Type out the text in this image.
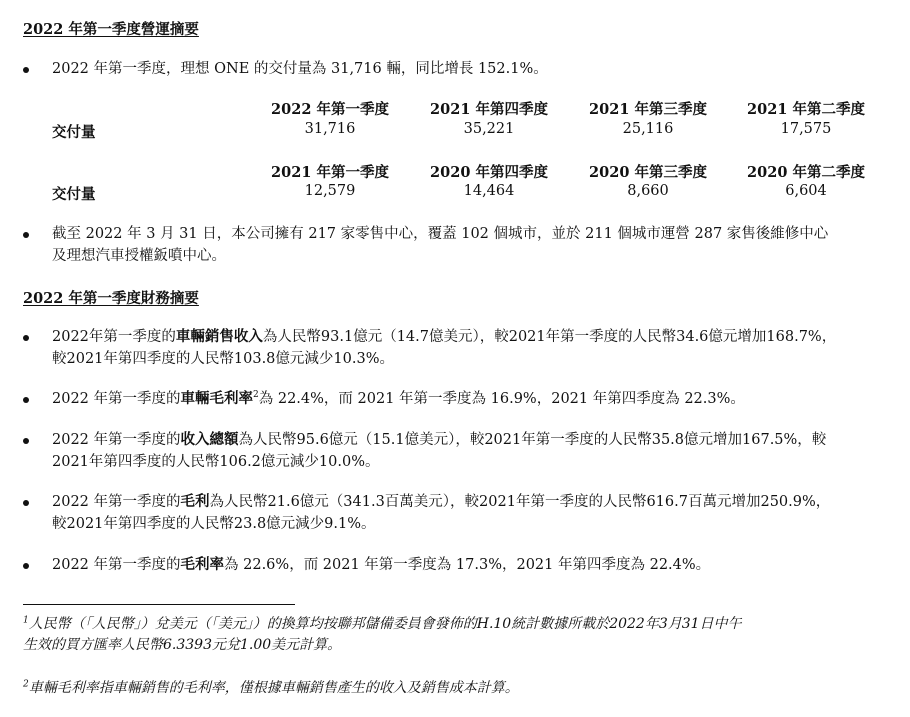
2022 年第一季度營運摘要
2022 年第一季度，理想 ONE 的交付量為 31,716 輛，同比增長 152.1%。
2022 年第一季度	2021 年第四季度	2021 年第三季度	2021 年第二季度
交付量	31,716	35,221	25,116	17,575
2021 年第一季度	2020 年第四季度	2020 年第三季度	2020 年第二季度
交付量	12,579	14,464	8,660	6,604
截至 2022 年 3 月 31 日，本公司擁有 217 家零售中心，覆蓋 102 個城市，並於 211 個城市運營 287 家售後維修中心
及理想汽車授權鈑噴中心。
2022 年第一季度財務摘要
2022年第一季度的車輛銷售收入為人民幣93.1億元（14.7億美元），較2021年第一季度的人民幣34.6億元增加168.7%，
較2021年第四季度的人民幣103.8億元減少10.3%。
2022 年第一季度的車輛毛利率$^2$為 22.4%，而 2021 年第一季度為 16.9%，2021 年第四季度為 22.3%。
2022 年第一季度的收入總額為人民幣95.6億元（15.1億美元），較2021年第一季度的人民幣35.8億元增加167.5%，較
2021年第四季度的人民幣106.2億元減少10.0%。
2022 年第一季度的毛利為人民幣21.6億元（341.3百萬美元），較2021年第一季度的人民幣616.7百萬元增加250.9%，
較2021年第四季度的人民幣23.8億元減少9.1%。
2022 年第一季度的毛利率為 22.6%，而 2021 年第一季度為 17.3%，2021 年第四季度為 22.4%。
$^1$人民幣（「人民幣」）兌美元（「美元」）的換算均按聯邦儲備委員會發佈的H.10統計數據所載於2022年3月31日中午
生效的買方匯率人民幣6.3393元兌1.00美元計算。
$^2$車輛毛利率指車輛銷售的毛利率，僅根據車輛銷售產生的收入及銷售成本計算。
